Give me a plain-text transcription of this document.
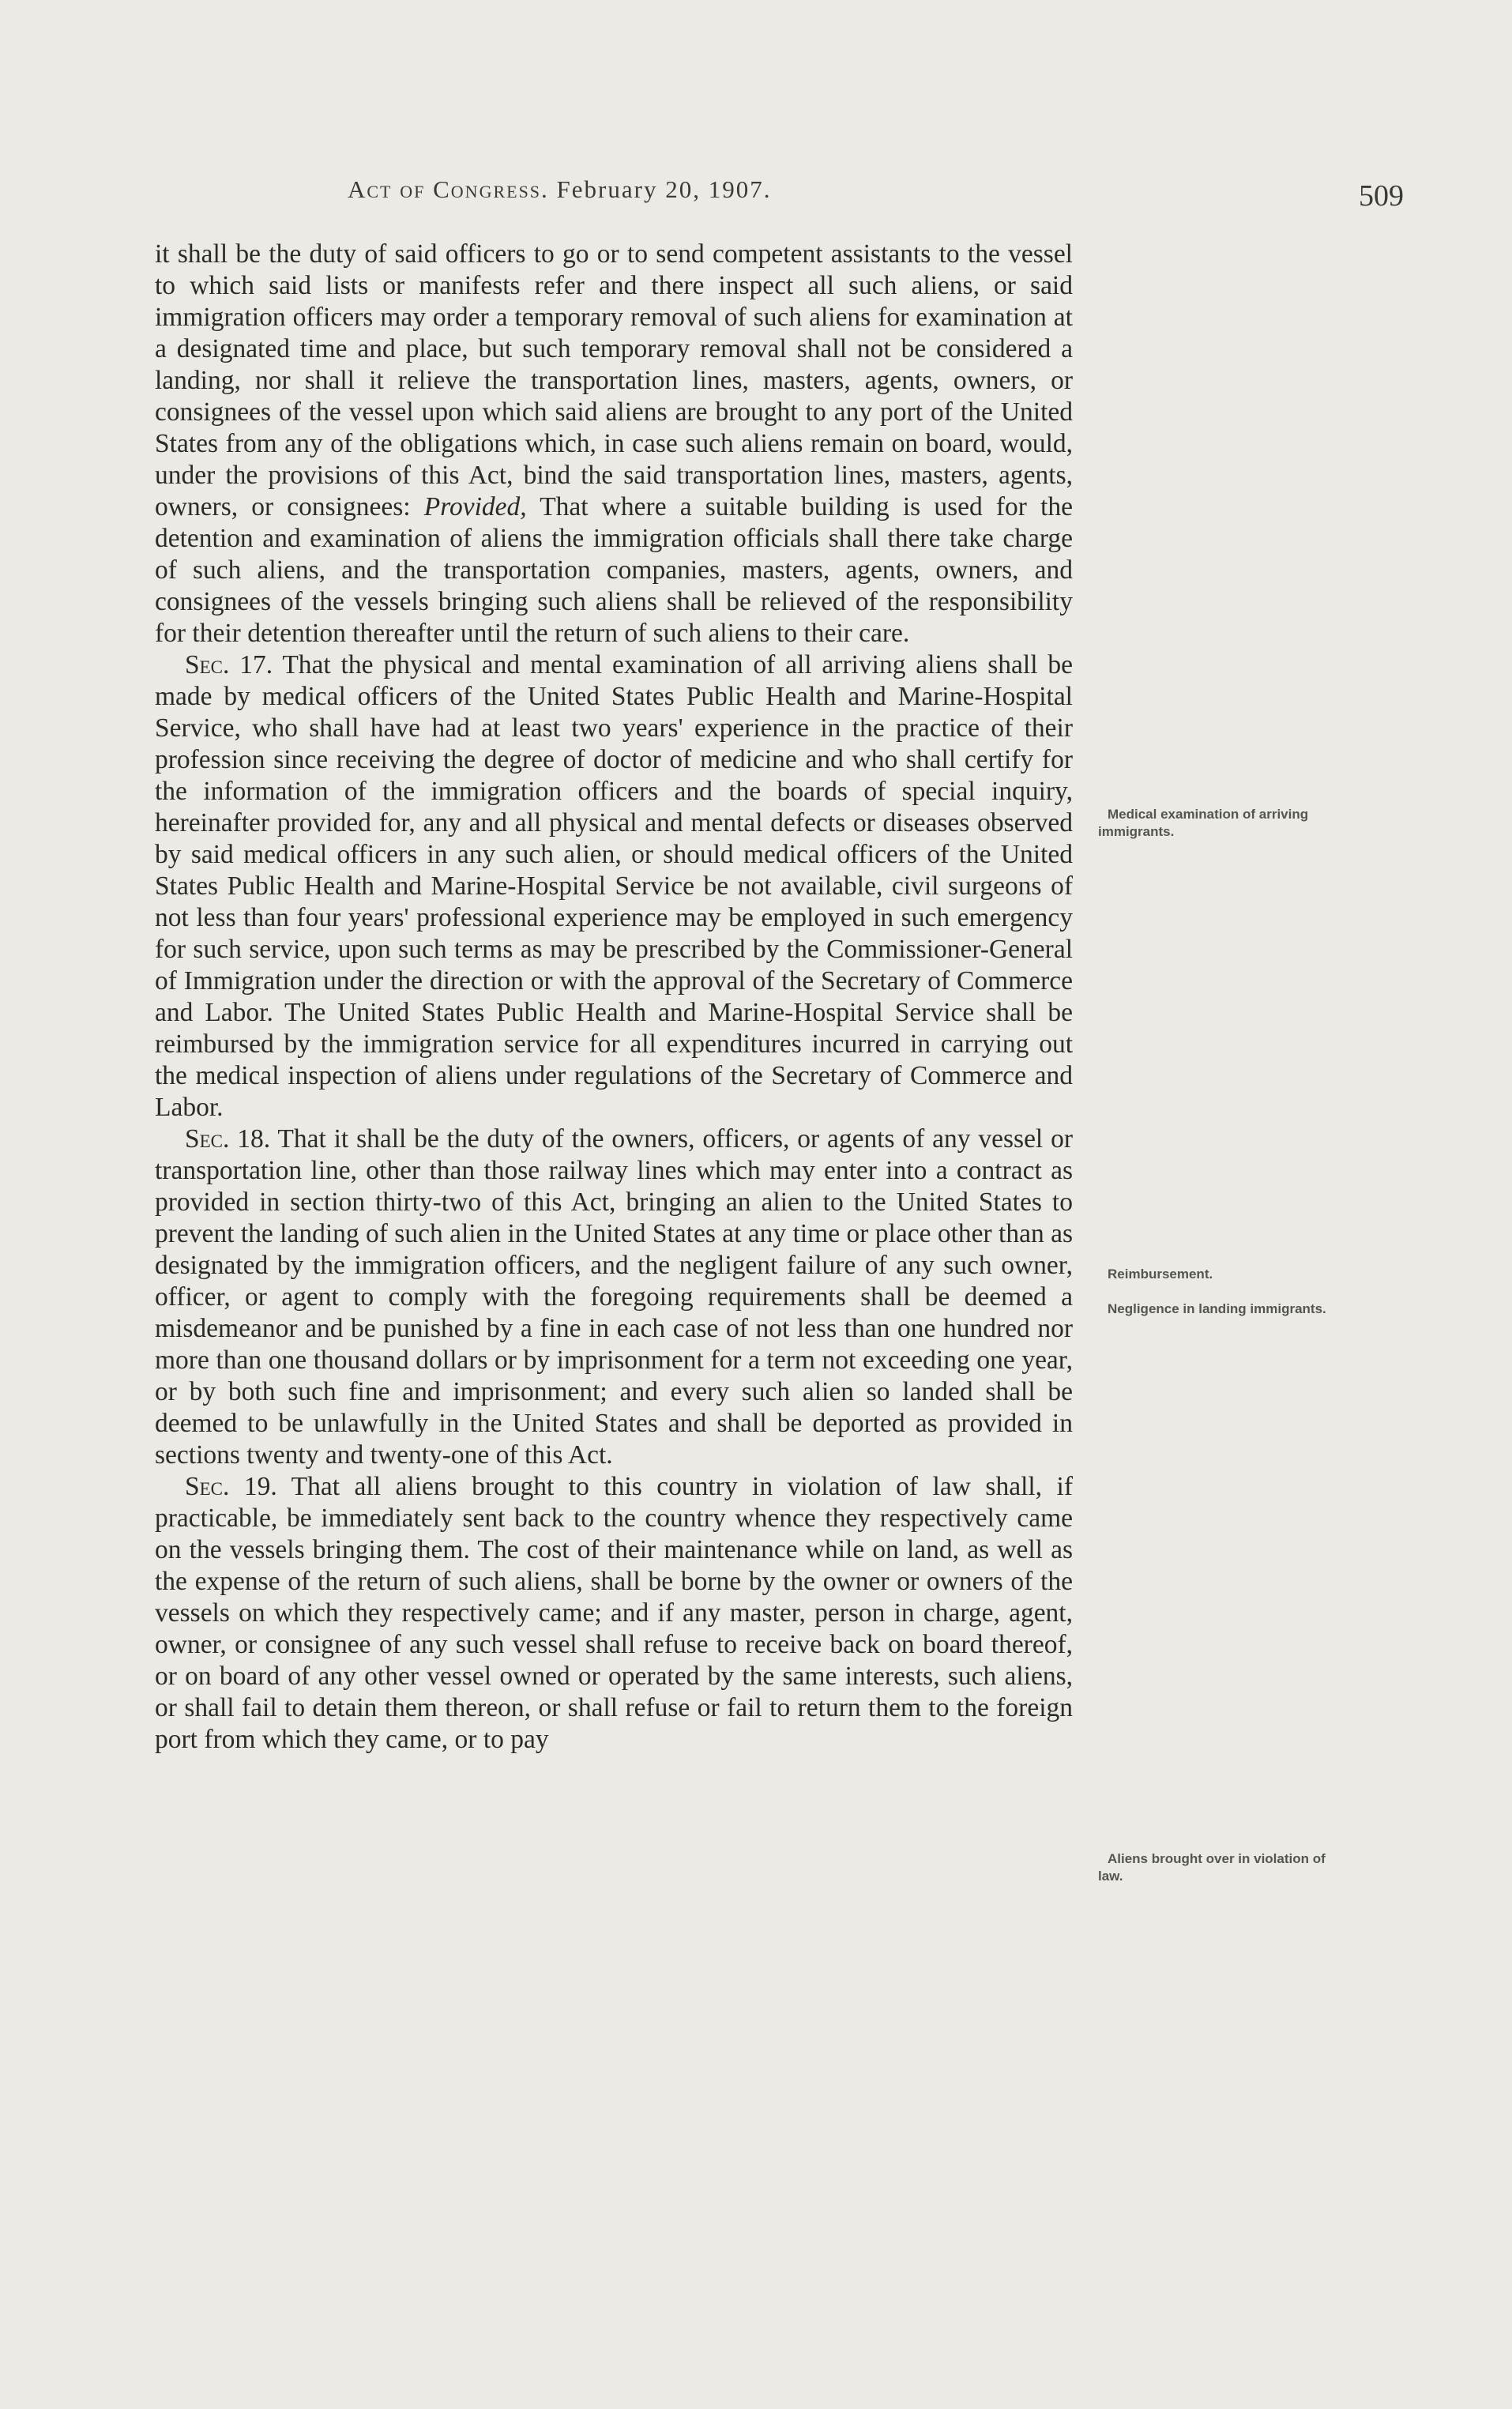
Act of Congress. February 20, 1907.	509

it shall be the duty of said officers to go or to send competent assistants to the vessel to which said lists or manifests refer and there inspect all such aliens, or said immigration officers may order a temporary removal of such aliens for examination at a designated time and place, but such temporary removal shall not be considered a landing, nor shall it relieve the transportation lines, masters, agents, owners, or consignees of the vessel upon which said aliens are brought to any port of the United States from any of the obligations which, in case such aliens remain on board, would, under the provisions of this Act, bind the said transportation lines, masters, agents, owners, or consignees: Provided, That where a suitable building is used for the detention and examination of aliens the immigration officials shall there take charge of such aliens, and the transportation companies, masters, agents, owners, and consignees of the vessels bringing such aliens shall be relieved of the responsibility for their detention thereafter until the return of such aliens to their care.

Sec. 17. That the physical and mental examination of all arriving aliens shall be made by medical officers of the United States Public Health and Marine-Hospital Service, who shall have had at least two years' experience in the practice of their profession since receiving the degree of doctor of medicine and who shall certify for the information of the immigration officers and the boards of special inquiry, hereinafter provided for, any and all physical and mental defects or diseases observed by said medical officers in any such alien, or should medical officers of the United States Public Health and Marine-Hospital Service be not available, civil surgeons of not less than four years' professional experience may be employed in such emergency for such service, upon such terms as may be prescribed by the Commissioner-General of Immigration under the direction or with the approval of the Secretary of Commerce and Labor. The United States Public Health and Marine-Hospital Service shall be reimbursed by the immigration service for all expenditures incurred in carrying out the medical inspection of aliens under regulations of the Secretary of Commerce and Labor.

Sec. 18. That it shall be the duty of the owners, officers, or agents of any vessel or transportation line, other than those railway lines which may enter into a contract as provided in section thirty-two of this Act, bringing an alien to the United States to prevent the landing of such alien in the United States at any time or place other than as designated by the immigration officers, and the negligent failure of any such owner, officer, or agent to comply with the foregoing requirements shall be deemed a misdemeanor and be punished by a fine in each case of not less than one hundred nor more than one thousand dollars or by imprisonment for a term not exceeding one year, or by both such fine and imprisonment; and every such alien so landed shall be deemed to be unlawfully in the United States and shall be deported as provided in sections twenty and twenty-one of this Act.

Sec. 19. That all aliens brought to this country in violation of law shall, if practicable, be immediately sent back to the country whence they respectively came on the vessels bringing them. The cost of their maintenance while on land, as well as the expense of the return of such aliens, shall be borne by the owner or owners of the vessels on which they respectively came; and if any master, person in charge, agent, owner, or consignee of any such vessel shall refuse to receive back on board thereof, or on board of any other vessel owned or operated by the same interests, such aliens, or shall fail to detain them thereon, or shall refuse or fail to return them to the foreign port from which they came, or to pay

Medical examination of arriving immigrants.
Reimbursement.
Negligence in landing immigrants.
Aliens brought over in violation of law.
